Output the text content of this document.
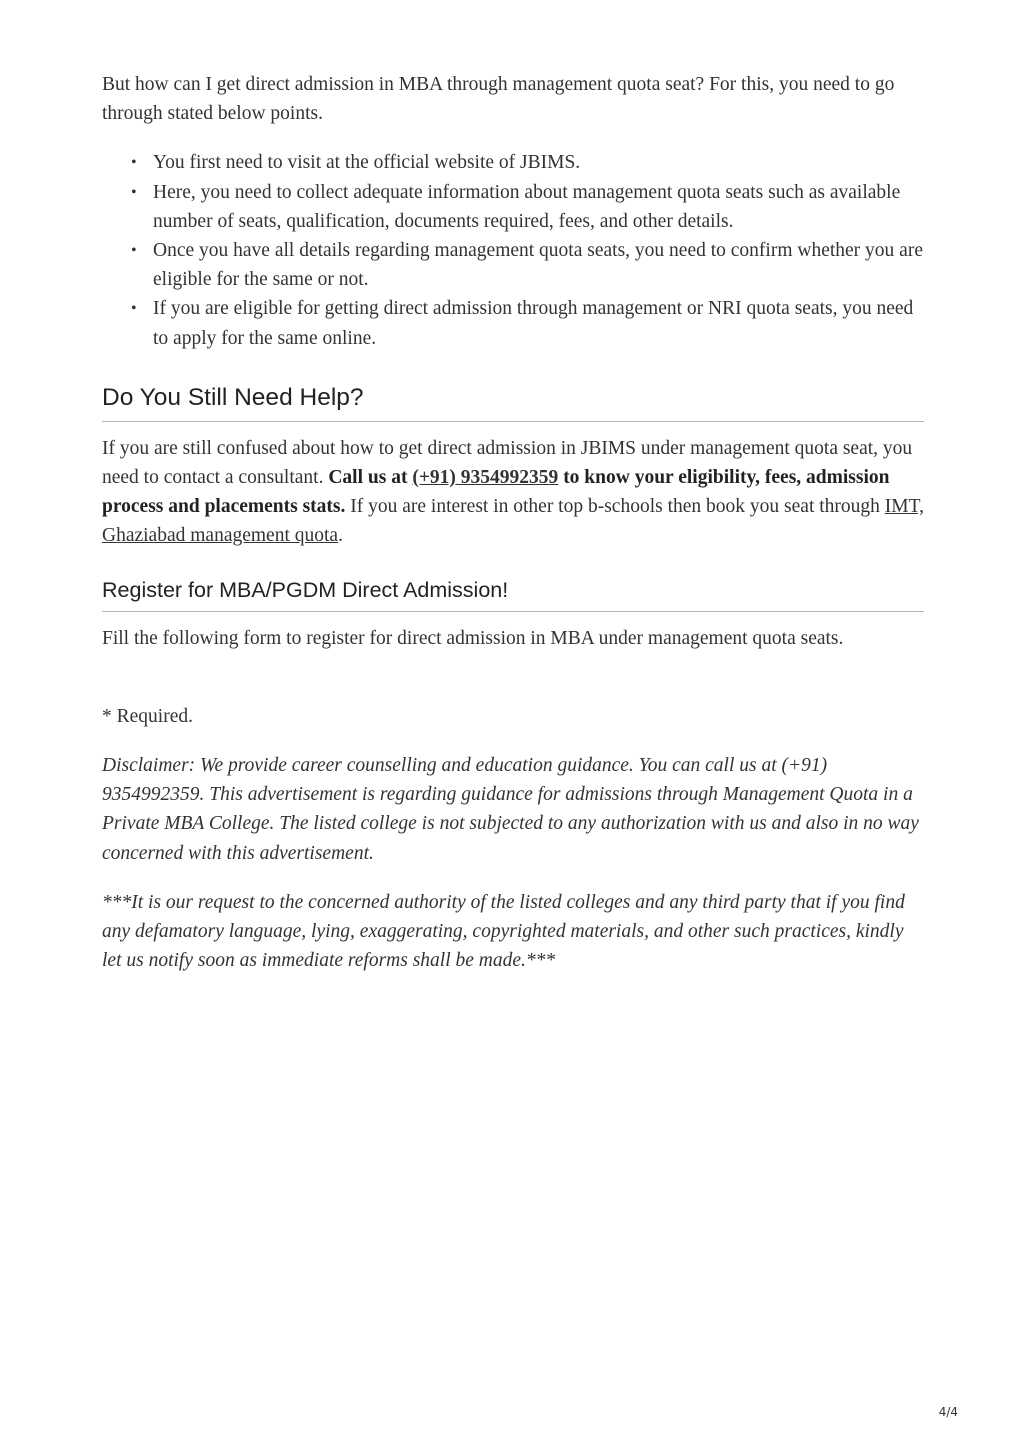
But how can I get direct admission in MBA through management quota seat? For this, you need to go through stated below points.

• You first need to visit at the official website of JBIMS.
• Here, you need to collect adequate information about management quota seats such as available number of seats, qualification, documents required, fees, and other details.
• Once you have all details regarding management quota seats, you need to confirm whether you are eligible for the same or not.
• If you are eligible for getting direct admission through management or NRI quota seats, you need to apply for the same online.
Do You Still Need Help?

If you are still confused about how to get direct admission in JBIMS under management quota seat, you need to contact a consultant. Call us at (+91) 9354992359 to know your eligibility, fees, admission process and placements stats. If you are interest in other top b-schools then book you seat through IMT, Ghaziabad management quota.

Register for MBA/PGDM Direct Admission!

Fill the following form to register for direct admission in MBA under management quota seats.

* Required.

Disclaimer: We provide career counselling and education guidance. You can call us at (+91) 9354992359. This advertisement is regarding guidance for admissions through Management Quota in a Private MBA College. The listed college is not subjected to any authorization with us and also in no way concerned with this advertisement.

***It is our request to the concerned authority of the listed colleges and any third party that if you find any defamatory language, lying, exaggerating, copyrighted materials, and other such practices, kindly let us notify soon as immediate reforms shall be made.***

4/4
